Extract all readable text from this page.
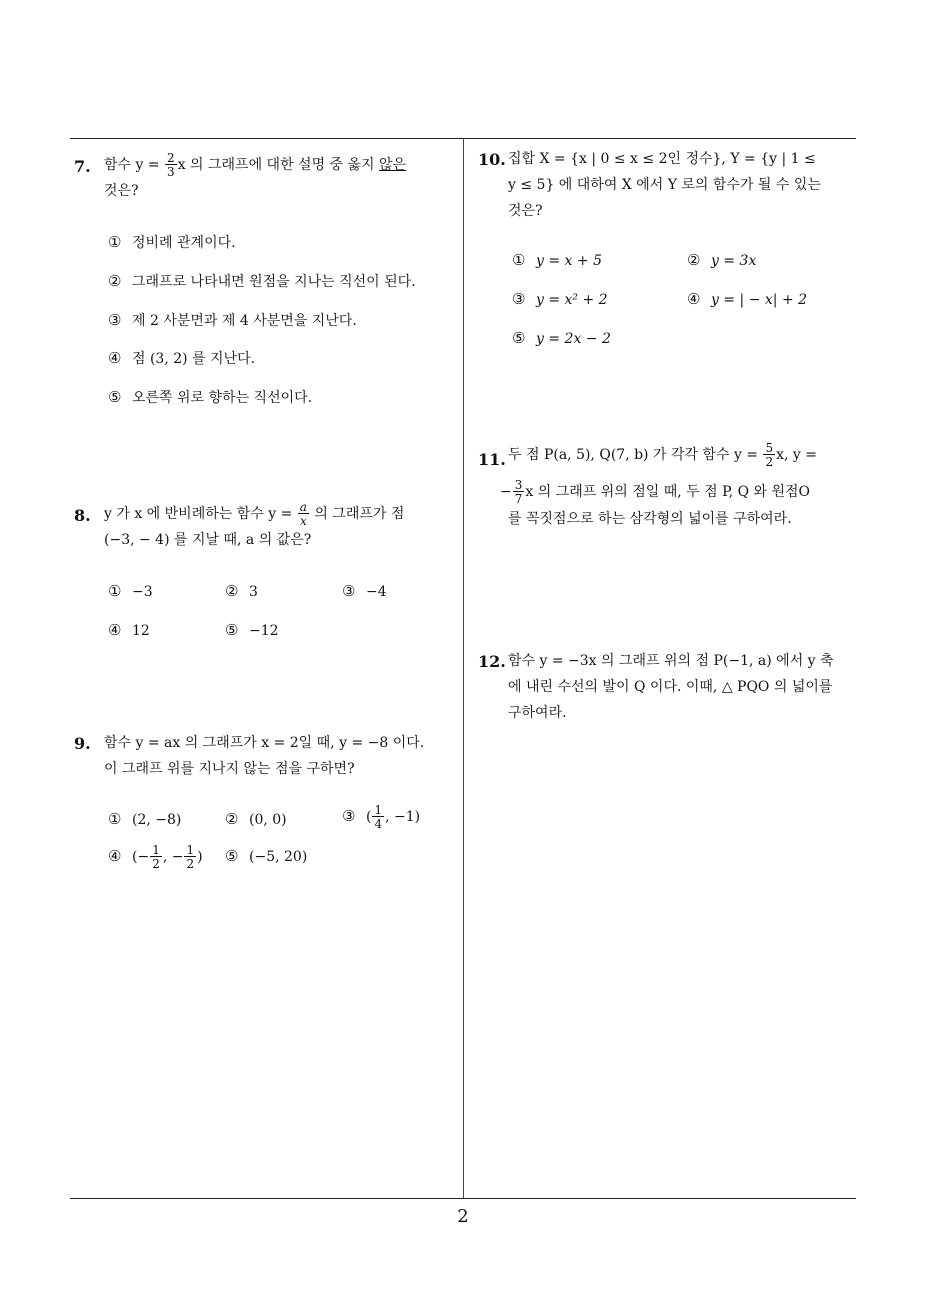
7. 함수 $y = \frac{2}{3}$ x 의 그래프에 대한 설명 중 옳지 않은
것은?
① 정비례 관계이다.
② 그래프로 나타내면 원점을 지나는 직선이 된다.
③ 제 2 사분면과 제 4 사분면을 지난다.
④ 점 (3, 2) 를 지난다.
⑤ 오른쪽 위로 향하는 직선이다.
8. y 가 x 에 반비례하는 함수 $y = \frac{a}{x}$ 의 그래프가 점
(−3, − 4) 를 지날 때, a 의 값은?
① −3	② 3	③ −4
④ 12	⑤ −12
9. 함수 y = ax 의 그래프가 x = 2일 때, y = −8 이다.
이 그래프 위를 지나지 않는 점을 구하면?
① (2, −8)	② (0, 0)	③ ( $\frac{1}{4}$ , −1)
④ (− $\frac{1}{2}$ , − $\frac{1}{2}$ ) ⑤ (−5, 20)
10. 집합 X = {x | 0 ≤ x ≤ 2인 정수}, Y = {y | 1 ≤
y ≤ 5} 에 대하여 X 에서 Y 로의 함수가 될 수 있는
것은?
① y = x + 5	② y = 3x
③ y = x² + 2	④ y = | − x| + 2
⑤ y = 2x − 2
11. 두 점 P(a, 5), Q(7, b) 가 각각 함수 $y = \frac{5}{2} x$, y =
− $\frac{3}{7}$ x 의 그래프 위의 점일 때, 두 점 P, Q 와 원점O
를 꼭짓점으로 하는 삼각형의 넓이를 구하여라.
12. 함수 y = −3x 의 그래프 위의 점 P(−1, a) 에서 y 축
에 내린 수선의 발이 Q 이다. 이때, △ PQO 의 넓이를
구하여라.
2
